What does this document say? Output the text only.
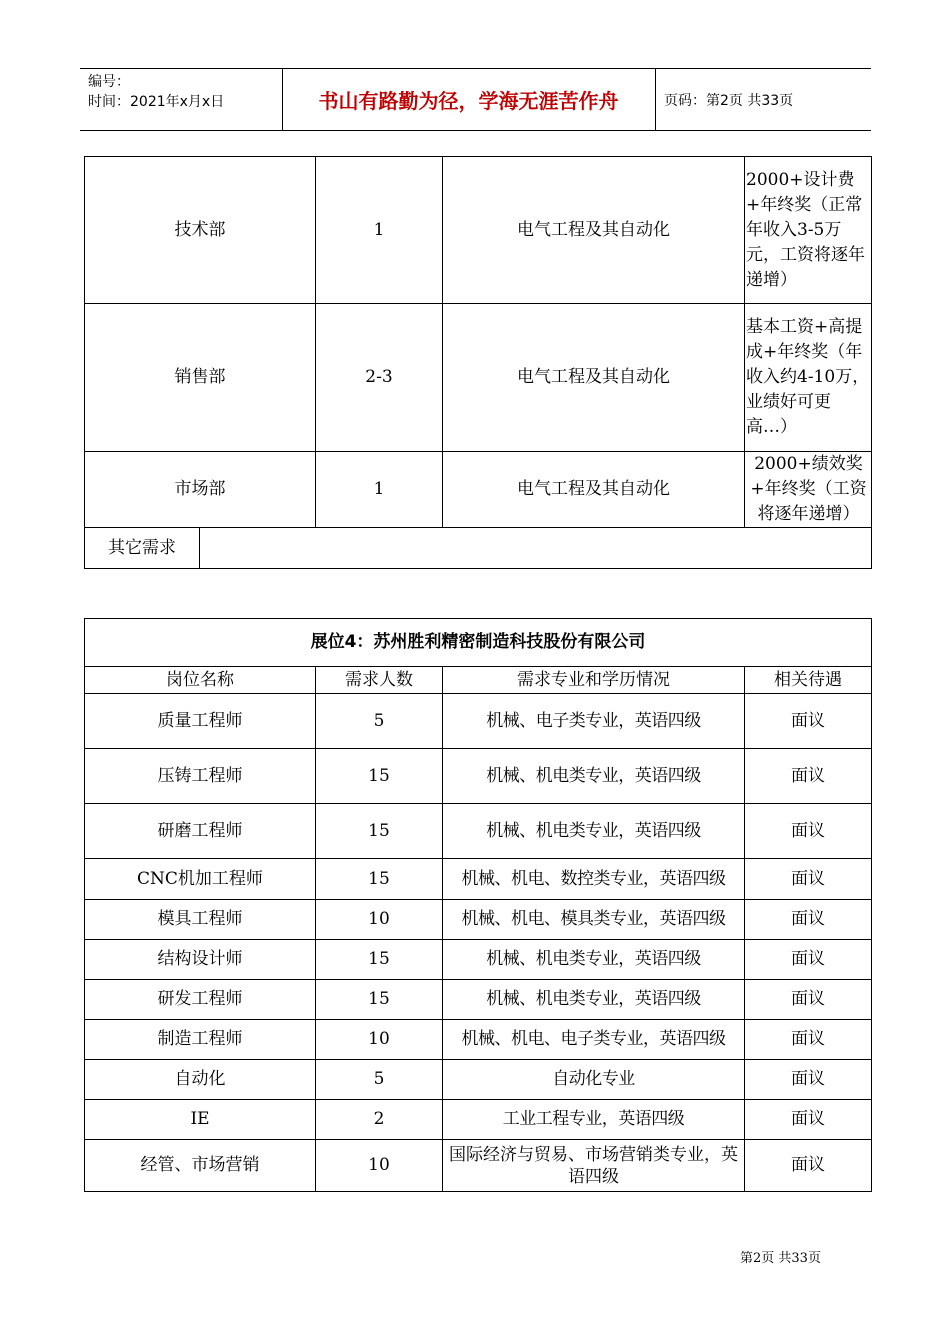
编号：
时间：2021年x月x日	书山有路勤为径，学海无涯苦作舟	页码：第2页 共33页
技术部		1	电气工程及其自动化	2000+设计费+年终奖（正常年收入3-5万元，工资将逐年递增）
销售部		2-3	电气工程及其自动化	基本工资+高提成+年终奖（年收入约4-10万，业绩好可更高…）
市场部		1	电气工程及其自动化	2000+绩效奖+年终奖（工资将逐年递增）
其它需求				
展位4：苏州胜利精密制造科技股份有限公司			
岗位名称	需求人数	需求专业和学历情况	相关待遇
质量工程师	5	机械、电子类专业，英语四级	面议
压铸工程师	15	机械、机电类专业，英语四级	面议
研磨工程师	15	机械、机电类专业，英语四级	面议
CNC机加工程师	15	机械、机电、数控类专业，英语四级	面议
模具工程师	10	机械、机电、模具类专业，英语四级	面议
结构设计师	15	机械、机电类专业，英语四级	面议
研发工程师	15	机械、机电类专业，英语四级	面议
制造工程师	10	机械、机电、电子类专业，英语四级	面议
自动化	5	自动化专业	面议
IE	2	工业工程专业，英语四级	面议
经管、市场营销	10	国际经济与贸易、市场营销类专业，英语四级	面议
第2页 共33页
